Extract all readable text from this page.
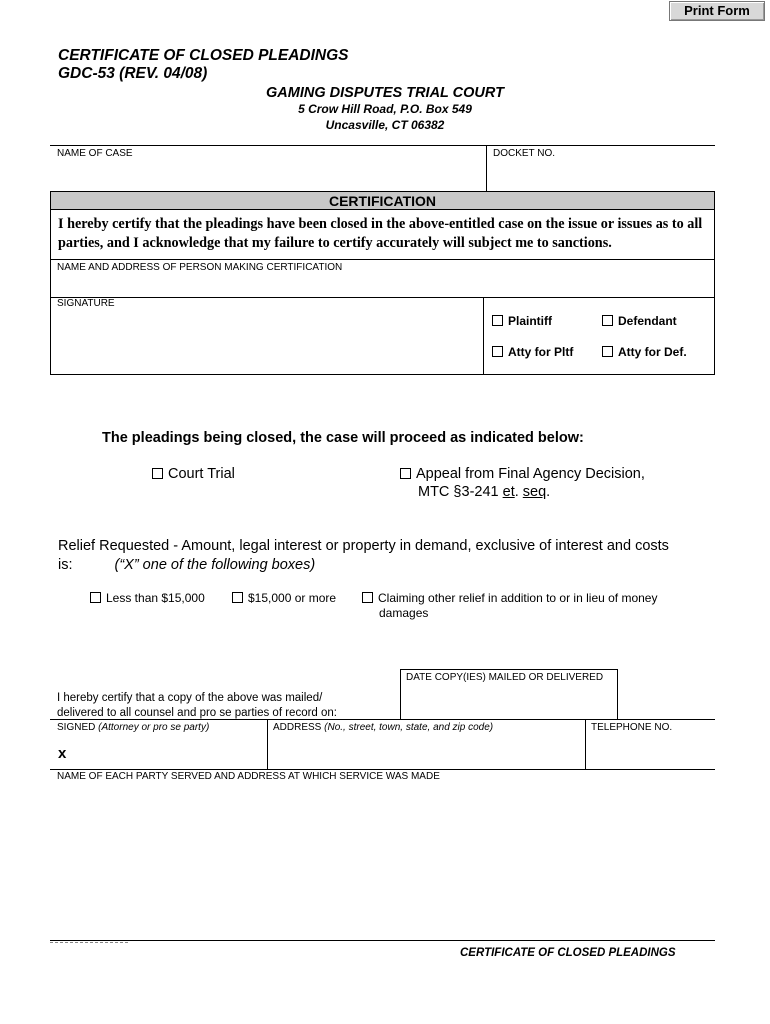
Print Form
CERTIFICATE OF CLOSED PLEADINGS
GDC-53 (REV. 04/08)
GAMING DISPUTES TRIAL COURT
5 Crow Hill Road, P.O. Box 549
Uncasville, CT 06382
NAME OF CASE	DOCKET NO.
CERTIFICATION
I hereby certify that the pleadings have been closed in the above-entitled case on the issue or issues as to all parties, and I acknowledge that my failure to certify accurately will subject me to sanctions.
NAME AND ADDRESS OF PERSON MAKING CERTIFICATION
SIGNATURE
Plaintiff	Defendant
Atty for Pltf	Atty for Def.
The pleadings being closed, the case will proceed as indicated below:
Court Trial	Appeal from Final Agency Decision,
MTC §3-241 et. seq.
Relief Requested - Amount, legal interest or property in demand, exclusive of interest and costs
is:	(“X” one of the following boxes)
Less than $15,000	$15,000 or more	Claiming other relief in addition to or in lieu of money
damages
DATE COPY(IES) MAILED OR DELIVERED
I hereby certify that a copy of the above was mailed/
delivered to all counsel and pro se parties of record on:
SIGNED (Attorney or pro se party)
x
ADDRESS (No., street, town, state, and zip code)	TELEPHONE NO.
NAME OF EACH PARTY SERVED AND ADDRESS AT WHICH SERVICE WAS MADE
CERTIFICATE OF CLOSED PLEADINGS
